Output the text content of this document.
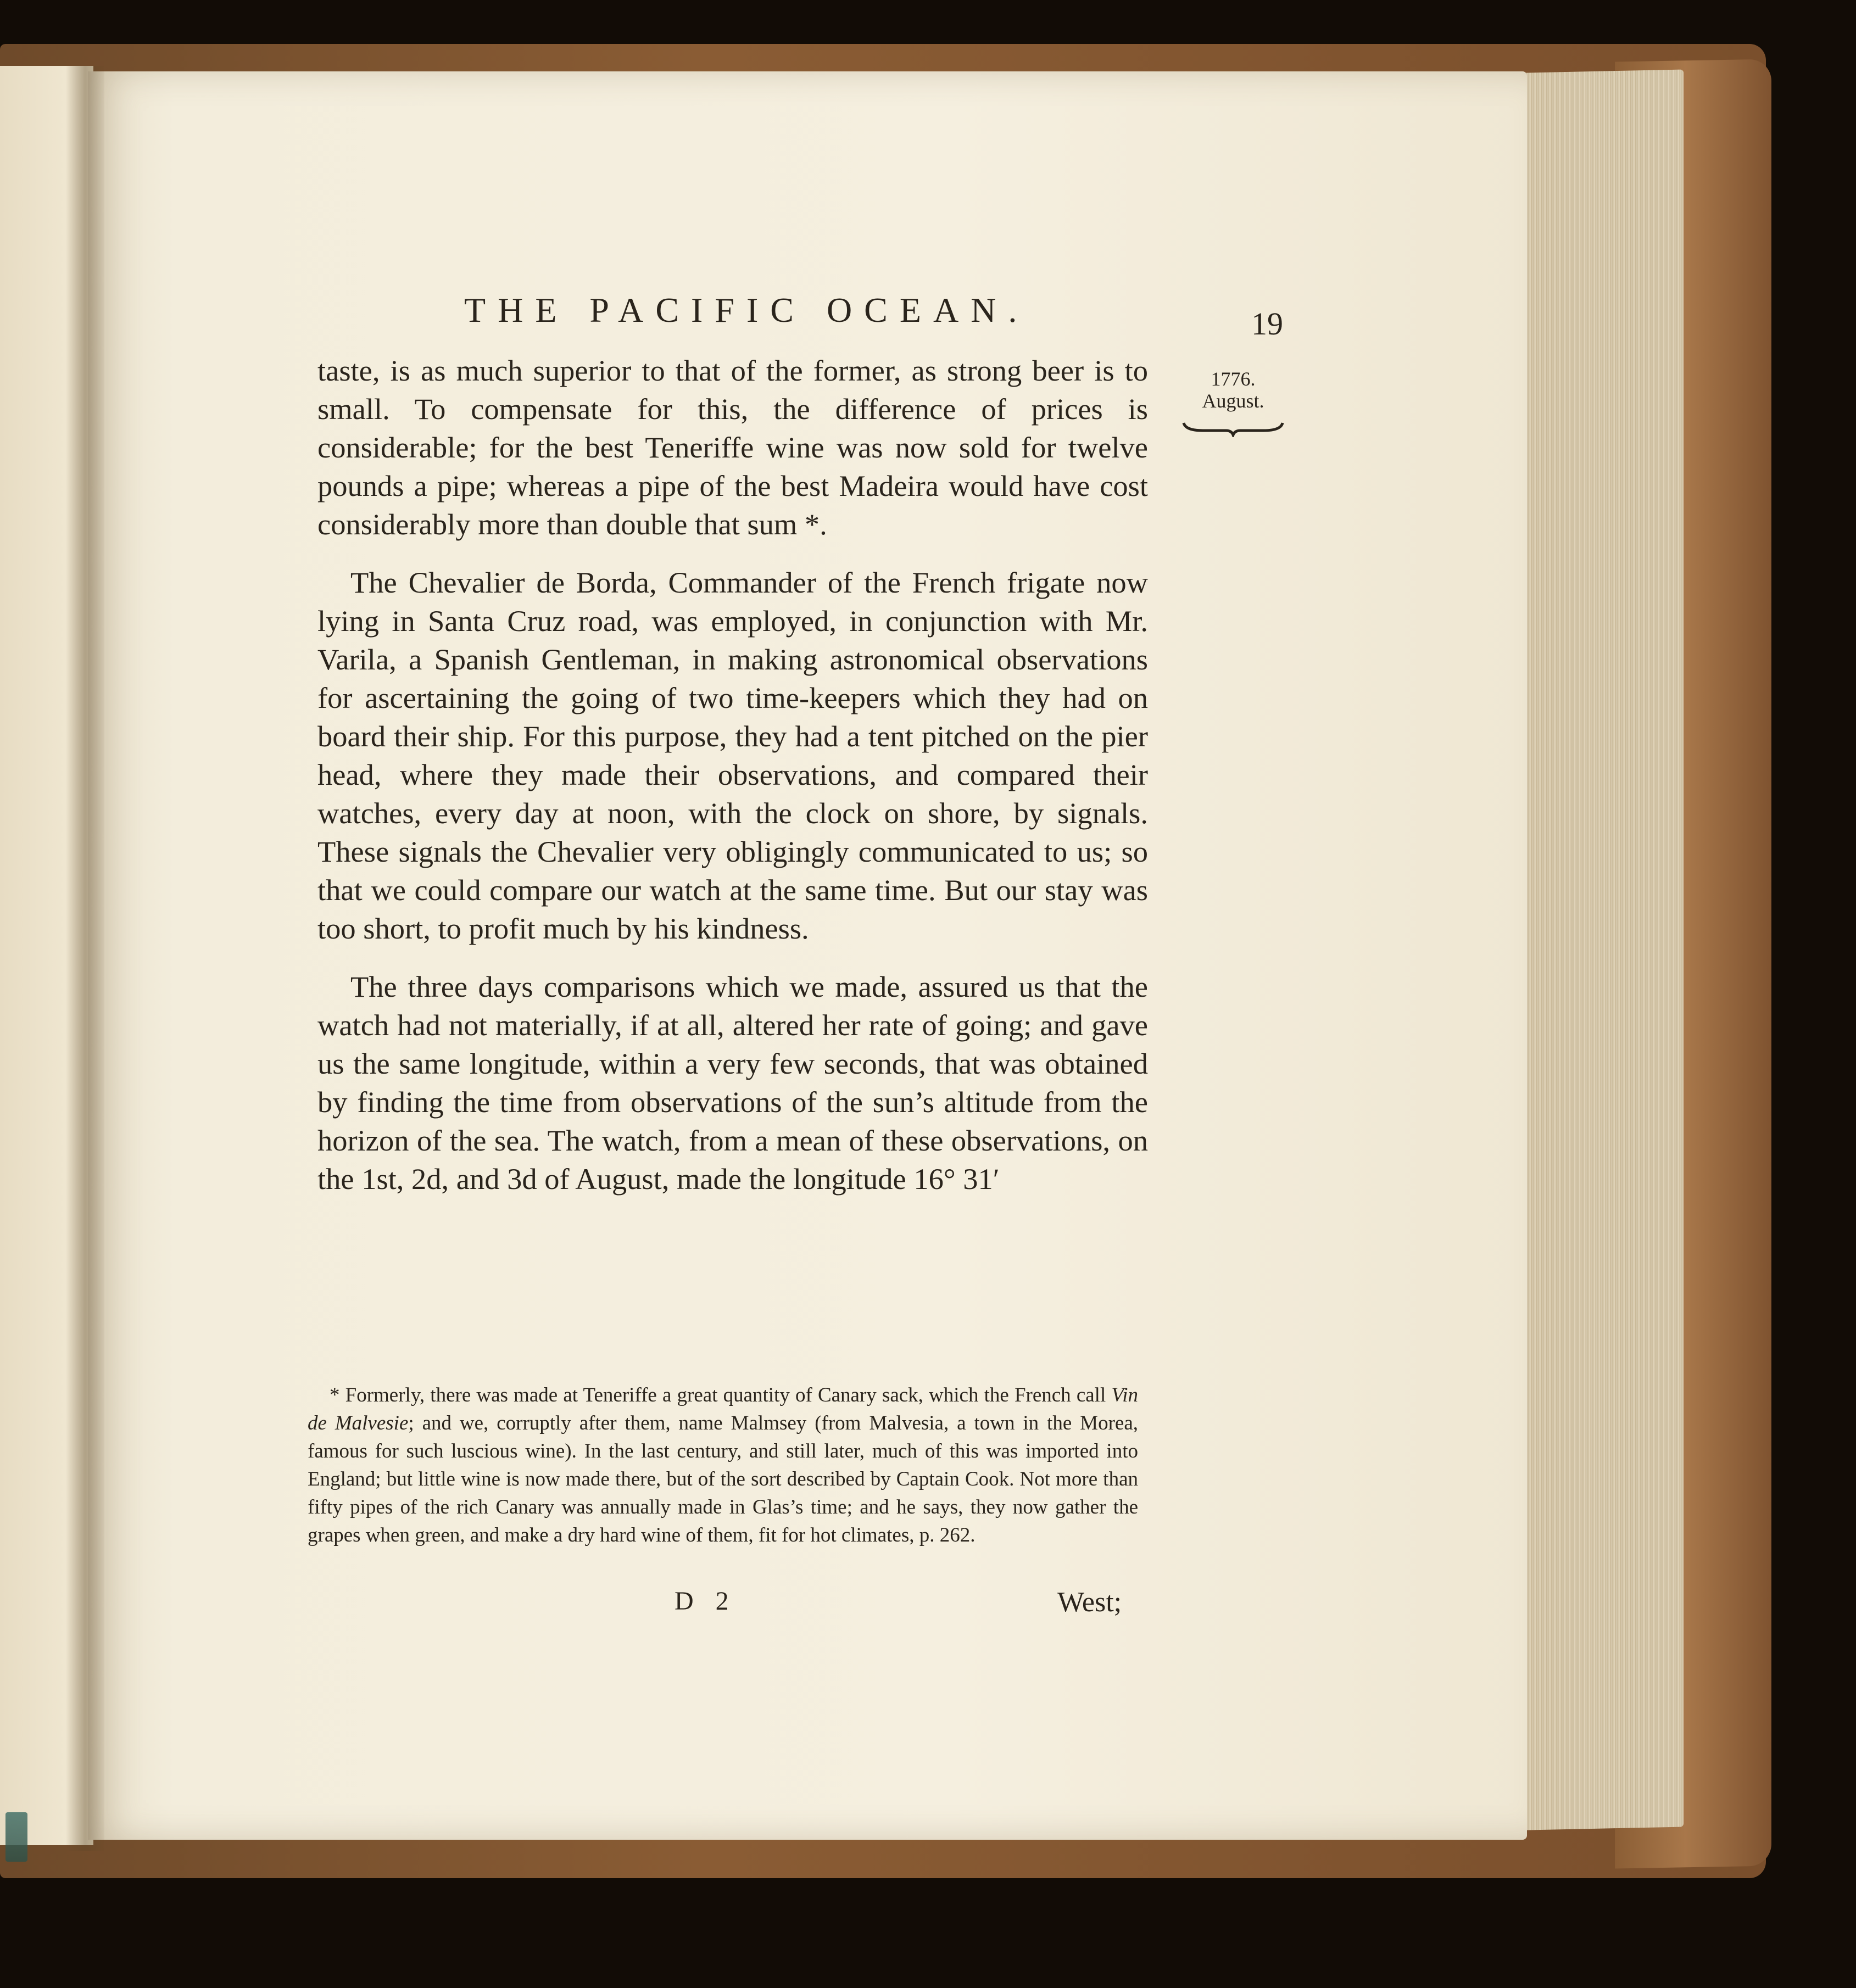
THE PACIFIC OCEAN.	19
1776.
August.

taste, is as much superior to that of the former, as strong beer is to small. To compensate for this, the difference of prices is considerable; for the best Teneriffe wine was now sold for twelve pounds a pipe; whereas a pipe of the best Madeira would have cost considerably more than double that sum *.

The Chevalier de Borda, Commander of the French frigate now lying in Santa Cruz road, was employed, in conjunction with Mr. Varila, a Spanish Gentleman, in making astronomical observations for ascertaining the going of two time-keepers which they had on board their ship. For this purpose, they had a tent pitched on the pier head, where they made their observations, and compared their watches, every day at noon, with the clock on shore, by signals. These signals the Chevalier very obligingly communicated to us; so that we could compare our watch at the same time. But our stay was too short, to profit much by his kindness.

The three days comparisons which we made, assured us that the watch had not materially, if at all, altered her rate of going; and gave us the same longitude, within a very few seconds, that was obtained by finding the time from observations of the sun’s altitude from the horizon of the sea. The watch, from a mean of these observations, on the 1st, 2d, and 3d of August, made the longitude 16° 31′

* Formerly, there was made at Teneriffe a great quantity of Canary sack, which the French call Vin de Malvesie; and we, corruptly after them, name Malmsey (from Malvesia, a town in the Morea, famous for such luscious wine). In the last century, and still later, much of this was imported into England; but little wine is now made there, but of the sort described by Captain Cook. Not more than fifty pipes of the rich Canary was annually made in Glas’s time; and he says, they now gather the grapes when green, and make a dry hard wine of them, fit for hot climates, p. 262.

D 2	West;
